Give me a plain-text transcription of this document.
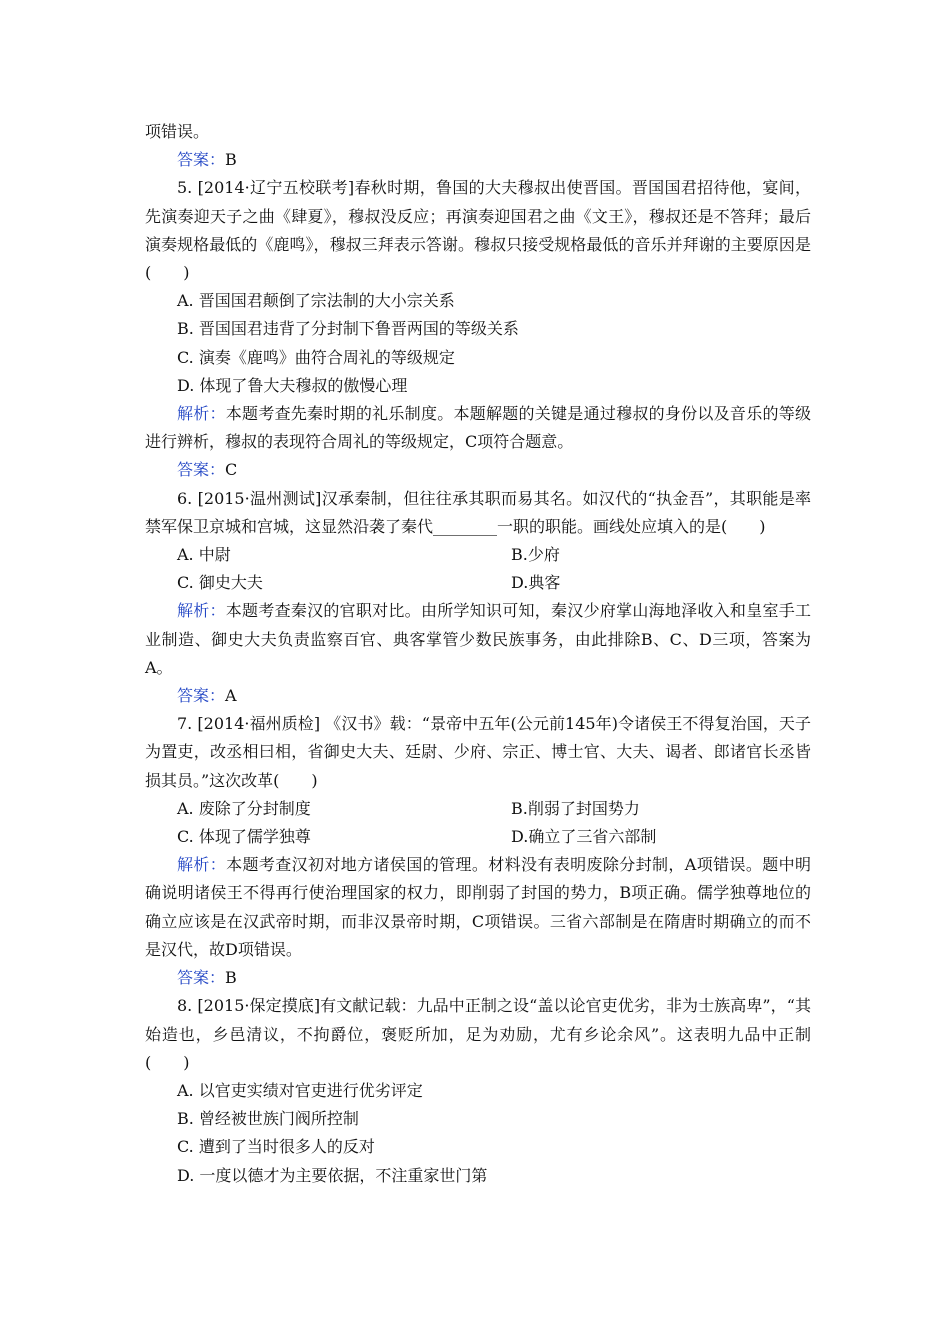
项错误。

答案：B

5. [2014·辽宁五校联考]春秋时期，鲁国的大夫穆叔出使晋国。晋国国君招待他，宴间，先演奏迎天子之曲《肆夏》，穆叔没反应；再演奏迎国君之曲《文王》，穆叔还是不答拜；最后演奏规格最低的《鹿鸣》，穆叔三拜表示答谢。穆叔只接受规格最低的音乐并拜谢的主要原因是(　　)

A. 晋国国君颠倒了宗法制的大小宗关系

B. 晋国国君违背了分封制下鲁晋两国的等级关系

C. 演奏《鹿鸣》曲符合周礼的等级规定

D. 体现了鲁大夫穆叔的傲慢心理

解析：本题考查先秦时期的礼乐制度。本题解题的关键是通过穆叔的身份以及音乐的等级进行辨析，穆叔的表现符合周礼的等级规定，C项符合题意。

答案：C

6. [2015·温州测试]汉承秦制，但往往承其职而易其名。如汉代的“执金吾”，其职能是率禁军保卫京城和宫城，这显然沿袭了秦代________一职的职能。画线处应填入的是(　　)

A. 中尉	B.少府
C. 御史大夫	D.典客

解析：本题考查秦汉的官职对比。由所学知识可知，秦汉少府掌山海地泽收入和皇室手工业制造、御史大夫负责监察百官、典客掌管少数民族事务，由此排除B、C、D三项，答案为A。

答案：A

7. [2014·福州质检] 《汉书》载：“景帝中五年(公元前145年)令诸侯王不得复治国，天子为置吏，改丞相曰相，省御史大夫、廷尉、少府、宗正、博士官、大夫、谒者、郎诸官长丞皆损其员。”这次改革(　　)

A. 废除了分封制度	B.削弱了封国势力
C. 体现了儒学独尊	D.确立了三省六部制

解析：本题考查汉初对地方诸侯国的管理。材料没有表明废除分封制，A项错误。题中明确说明诸侯王不得再行使治理国家的权力，即削弱了封国的势力，B项正确。儒学独尊地位的确立应该是在汉武帝时期，而非汉景帝时期，C项错误。三省六部制是在隋唐时期确立的而不是汉代，故D项错误。

答案：B

8. [2015·保定摸底]有文献记载：九品中正制之设“盖以论官吏优劣，非为士族高卑”，“其始造也，乡邑清议，不拘爵位，褒贬所加，足为劝励，尤有乡论余风”。这表明九品中正制(　　)

A. 以官吏实绩对官吏进行优劣评定

B. 曾经被世族门阀所控制

C. 遭到了当时很多人的反对

D. 一度以德才为主要依据，不注重家世门第
